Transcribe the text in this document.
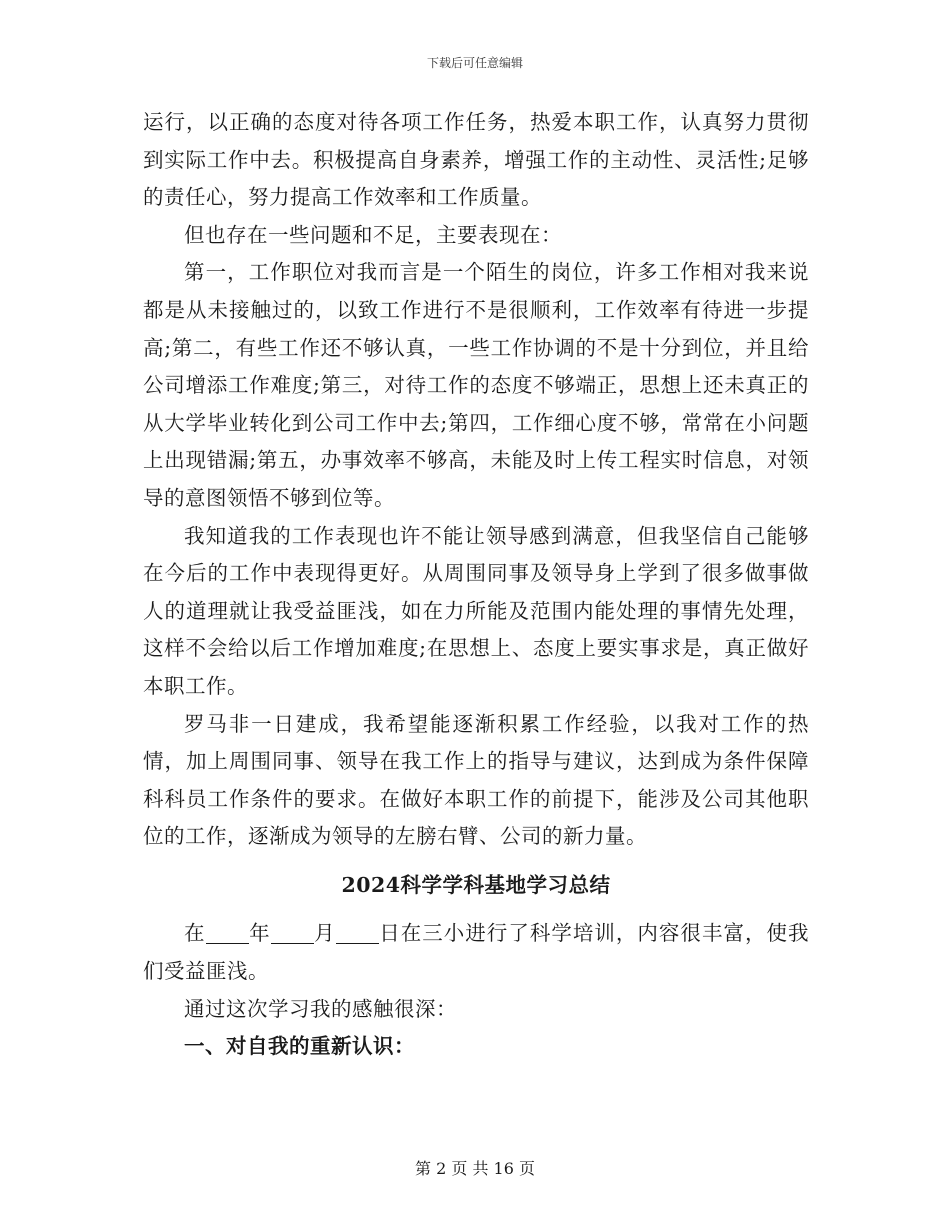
下载后可任意编辑

运行，以正确的态度对待各项工作任务，热爱本职工作，认真努力贯彻到实际工作中去。积极提高自身素养，增强工作的主动性、灵活性;足够的责任心，努力提高工作效率和工作质量。

但也存在一些问题和不足，主要表现在：

第一，工作职位对我而言是一个陌生的岗位，许多工作相对我来说都是从未接触过的，以致工作进行不是很顺利，工作效率有待进一步提高;第二，有些工作还不够认真，一些工作协调的不是十分到位，并且给公司增添工作难度;第三，对待工作的态度不够端正，思想上还未真正的从大学毕业转化到公司工作中去;第四，工作细心度不够，常常在小问题上出现错漏;第五，办事效率不够高，未能及时上传工程实时信息，对领导的意图领悟不够到位等。

我知道我的工作表现也许不能让领导感到满意，但我坚信自己能够在今后的工作中表现得更好。从周围同事及领导身上学到了很多做事做人的道理就让我受益匪浅，如在力所能及范围内能处理的事情先处理，这样不会给以后工作增加难度;在思想上、态度上要实事求是，真正做好本职工作。

罗马非一日建成，我希望能逐渐积累工作经验，以我对工作的热情，加上周围同事、领导在我工作上的指导与建议，达到成为条件保障科科员工作条件的要求。在做好本职工作的前提下，能涉及公司其他职位的工作，逐渐成为领导的左膀右臂、公司的新力量。

2024科学学科基地学习总结

在 年 月 日在三小进行了科学培训，内容很丰富，使我们受益匪浅。

通过这次学习我的感触很深：

一、对自我的重新认识：

第 2 页 共 16 页
